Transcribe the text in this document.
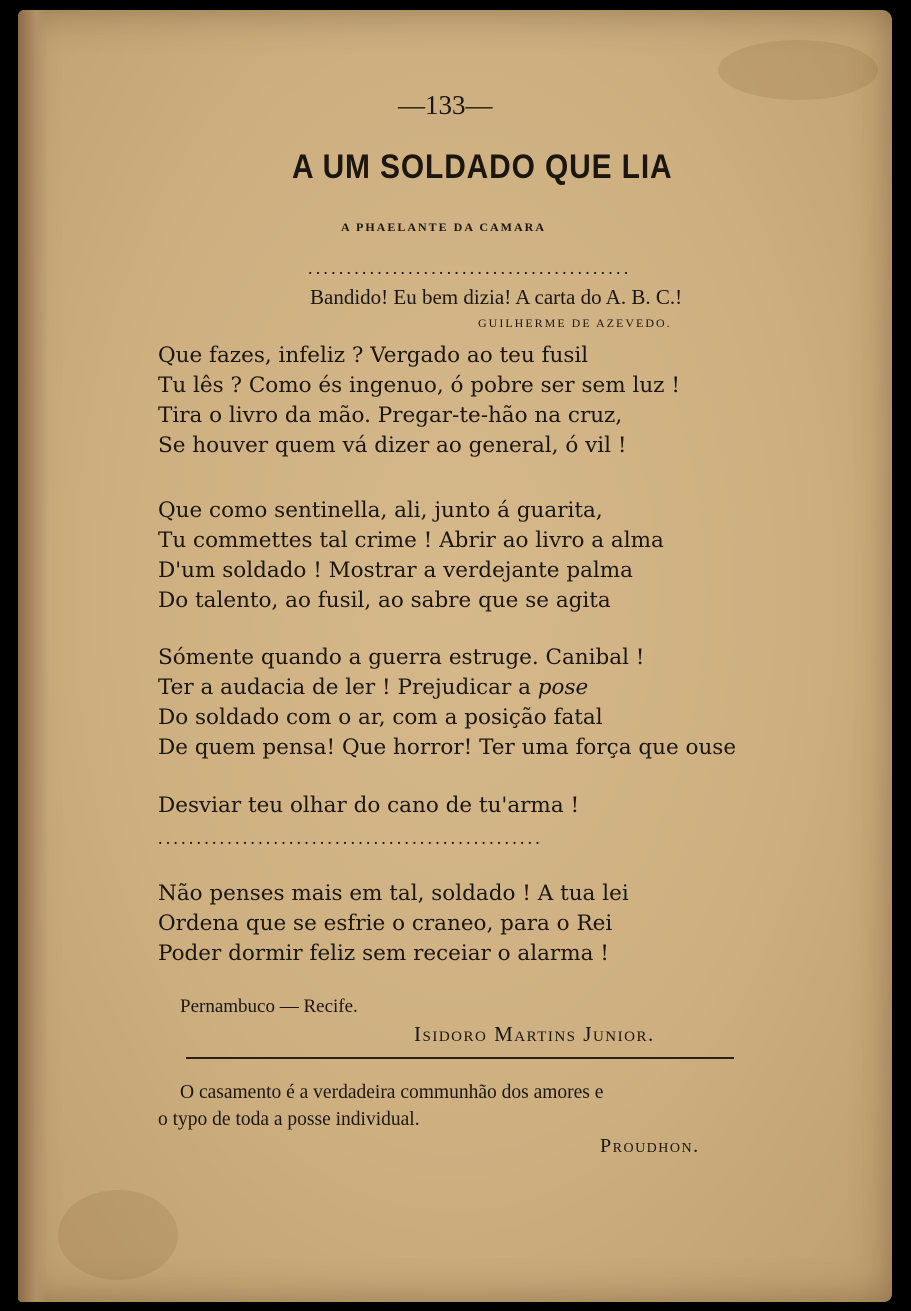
—133—
A UM SOLDADO QUE LIA
A PHAELANTE DA CAMARA
..........................................
Bandido! Eu bem dizia! A carta do A. B. C.!
GUILHERME DE AZEVEDO.
Que fazes, infeliz ? Vergado ao teu fusil
Tu lês ? Como és ingenuo, ó pobre ser sem luz !
Tira o livro da mão. Pregar-te-hão na cruz,
Se houver quem vá dizer ao general, ó vil !
Que como sentinella, ali, junto á guarita,
Tu commettes tal crime ! Abrir ao livro a alma
D'um soldado ! Mostrar a verdejante palma
Do talento, ao fusil, ao sabre que se agita
Sómente quando a guerra estruge. Canibal !
Ter a audacia de ler ! Prejudicar a pose
Do soldado com o ar, com a posição fatal
De quem pensa! Que horror! Ter uma força que ouse
Desviar teu olhar do cano de tu'arma !
..................................................
Não penses mais em tal, soldado ! A tua lei
Ordena que se esfrie o craneo, para o Rei
Poder dormir feliz sem receiar o alarma !
Pernambuco — Recife.
Isidoro Martins Junior.
O casamento é a verdadeira communhão dos amores e
o typo de toda a posse individual.
Proudhon.
